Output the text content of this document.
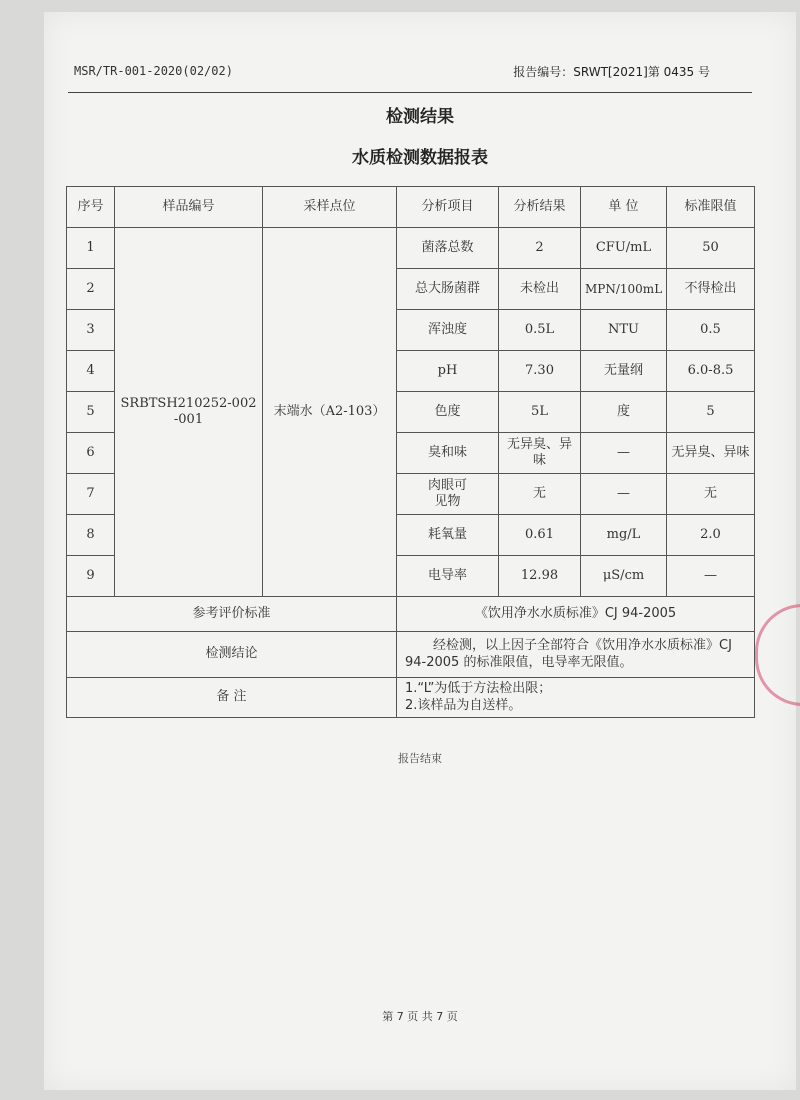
MSR/TR-001-2020(02/02)	报告编号：SRWT[2021]第 0435 号
检测结果
水质检测数据报表
序号	样品编号	采样点位	分析项目	分析结果	单 位	标准限值
1	SRBTSH210252-002-001	末端水（A2-103）	菌落总数	2	CFU/mL	50
2			总大肠菌群	未检出	MPN/100mL	不得检出
3			浑浊度	0.5L	NTU	0.5
4			pH	7.30	无量纲	6.0-8.5
5			色度	5L	度	5
6			臭和味	无异臭、异味	—	无异臭、异味
7			肉眼可见物	无	—	无
8			耗氧量	0.61	mg/L	2.0
9			电导率	12.98	μS/cm	—
参考评价标准			《饮用净水水质标准》CJ 94-2005			
检测结论			经检测，以上因子全部符合《饮用净水水质标准》CJ 94-2005 的标准限值，电导率无限值。			
备 注			1.“L”为低于方法检出限；
2.该样品为自送样。			
报告结束
第 7 页 共 7 页
